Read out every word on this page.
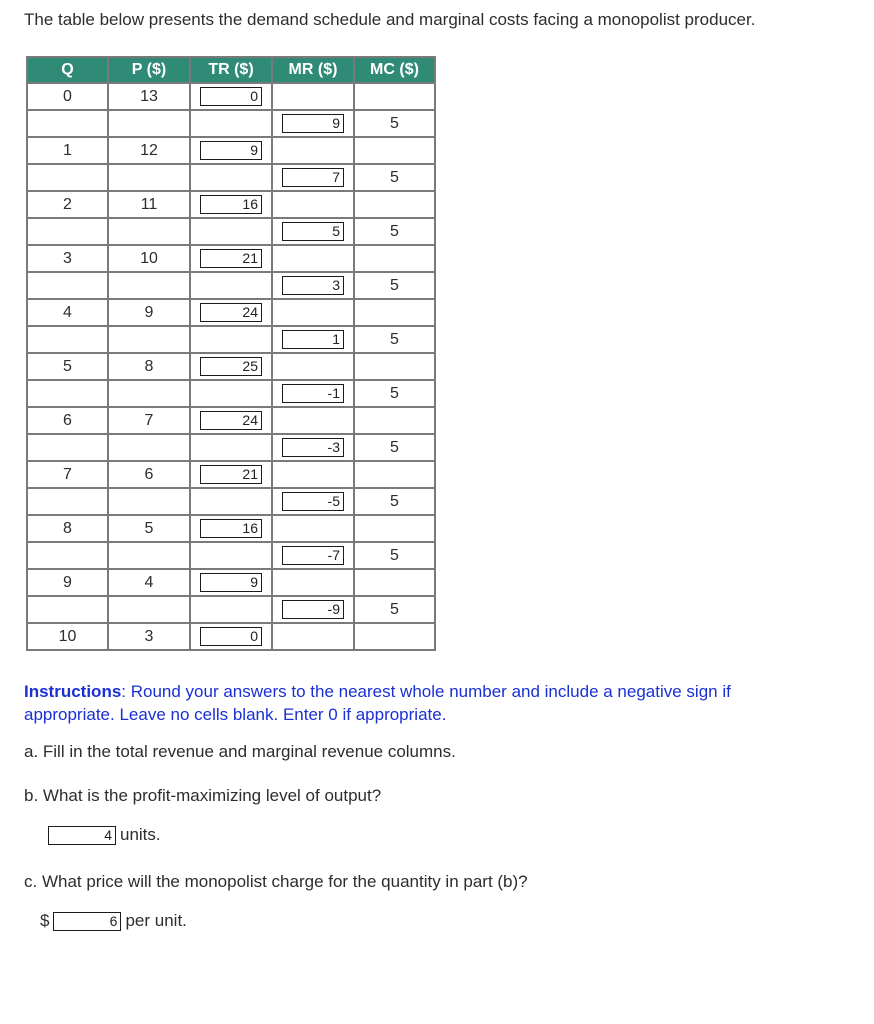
The table below presents the demand schedule and marginal costs facing a monopolist producer.
Q	P ($)	TR ($)	MR ($)	MC ($)
0	13	0		

			9	5
1	12	9		

			7	5
2	11	16		

			5	5
3	10	21		

			3	5
4	9	24		

			1	5
5	8	25		

			-1	5
6	7	24		

			-3	5
7	6	21		

			-5	5
8	5	16		

			-7	5
9	4	9		

			-9	5
10	3	0		

Instructions: Round your answers to the nearest whole number and include a negative sign if appropriate. Leave no cells blank. Enter 0 if appropriate.
a. Fill in the total revenue and marginal revenue columns.
b. What is the profit-maximizing level of output?
4 units.
c. What price will the monopolist charge for the quantity in part (b)?
$	6 per unit.
